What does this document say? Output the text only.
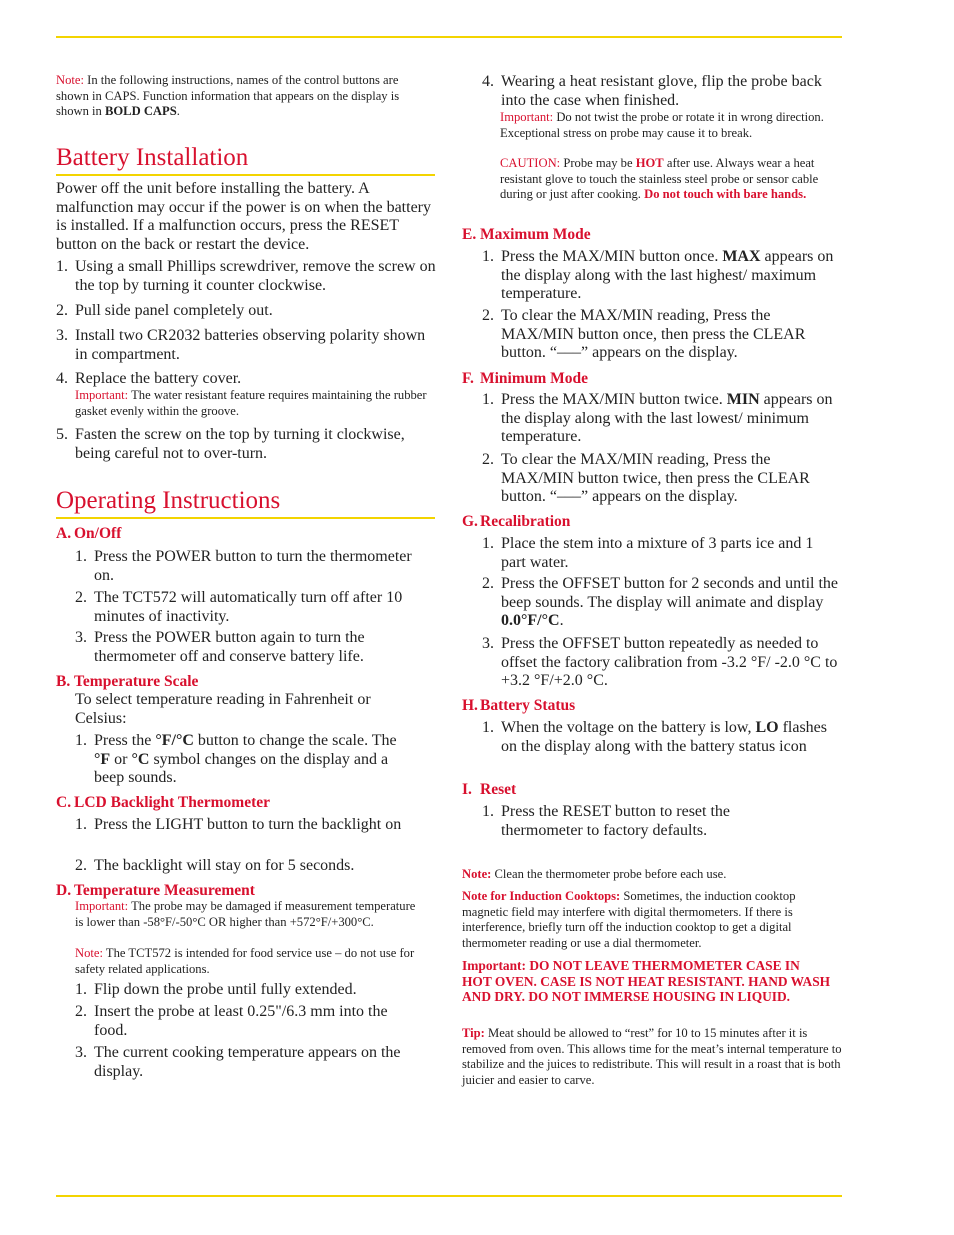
Note: In the following instructions, names of the control buttons are shown in CAPS. Function information that appears on the display is shown in BOLD CAPS.
Battery Installation
Power off the unit before installing the battery. A malfunction may occur if the power is on when the battery is installed. If a malfunction occurs, press the RESET button on the back or restart the device.
1. Using a small Phillips screwdriver, remove the screw on the top by turning it counter clockwise.
2. Pull side panel completely out.
3. Install two CR2032 batteries observing polarity shown in compartment.
4. Replace the battery cover.
Important: The water resistant feature requires maintaining the rubber gasket evenly within the groove.
5. Fasten the screw on the top by turning it clockwise, being careful not to over-turn.
Operating Instructions
A. On/Off
1. Press the POWER button to turn the thermometer on.
2. The TCT572 will automatically turn off after 10 minutes of inactivity.
3. Press the POWER button again to turn the thermometer off and conserve battery life.
B. Temperature Scale
To select temperature reading in Fahrenheit or Celsius:
1. Press the °F/°C button to change the scale. The °F or °C symbol changes on the display and a beep sounds.
C. LCD Backlight Thermometer
1. Press the LIGHT button to turn the backlight on
2. The backlight will stay on for 5 seconds.
D. Temperature Measurement
Important: The probe may be damaged if measurement temperature is lower than -58°F/-50°C OR higher than +572°F/+300°C.
Note: The TCT572 is intended for food service use – do not use for safety related applications.
1. Flip down the probe until fully extended.
2. Insert the probe at least 0.25"/6.3 mm into the food.
3. The current cooking temperature appears on the display.
4. Wearing a heat resistant glove, flip the probe back into the case when finished.
Important: Do not twist the probe or rotate it in wrong direction. Exceptional stress on probe may cause it to break.
CAUTION: Probe may be HOT after use. Always wear a heat resistant glove to touch the stainless steel probe or sensor cable during or just after cooking. Do not touch with bare hands.
E. Maximum Mode
1. Press the MAX/MIN button once. MAX appears on the display along with the last highest/ maximum temperature.
2. To clear the MAX/MIN reading, Press the MAX/MIN button once, then press the CLEAR button. “–––” appears on the display.
F. Minimum Mode
1. Press the MAX/MIN button twice. MIN appears on the display along with the last lowest/ minimum temperature.
2. To clear the MAX/MIN reading, Press the MAX/MIN button twice, then press the CLEAR button. “–––” appears on the display.
G. Recalibration
1. Place the stem into a mixture of 3 parts ice and 1 part water.
2. Press the OFFSET button for 2 seconds and until the beep sounds. The display will animate and display 0.0°F/°C.
3. Press the OFFSET button repeatedly as needed to offset the factory calibration from -3.2 °F/ -2.0 °C to +3.2 °F/+2.0 °C.
H. Battery Status
1. When the voltage on the battery is low, LO flashes on the display along with the battery status icon
I. Reset
1. Press the RESET button to reset the thermometer to factory defaults.
Note: Clean the thermometer probe before each use.
Note for Induction Cooktops: Sometimes, the induction cooktop magnetic field may interfere with digital thermometers. If there is interference, briefly turn off the induction cooktop to get a digital thermometer reading or use a dial thermometer.
Important: DO NOT LEAVE THERMOMETER CASE IN HOT OVEN. CASE IS NOT HEAT RESISTANT. HAND WASH AND DRY. DO NOT IMMERSE HOUSING IN LIQUID.
Tip: Meat should be allowed to “rest” for 10 to 15 minutes after it is removed from oven. This allows time for the meat’s internal temperature to stabilize and the juices to redistribute. This will result in a roast that is both juicier and easier to carve.
